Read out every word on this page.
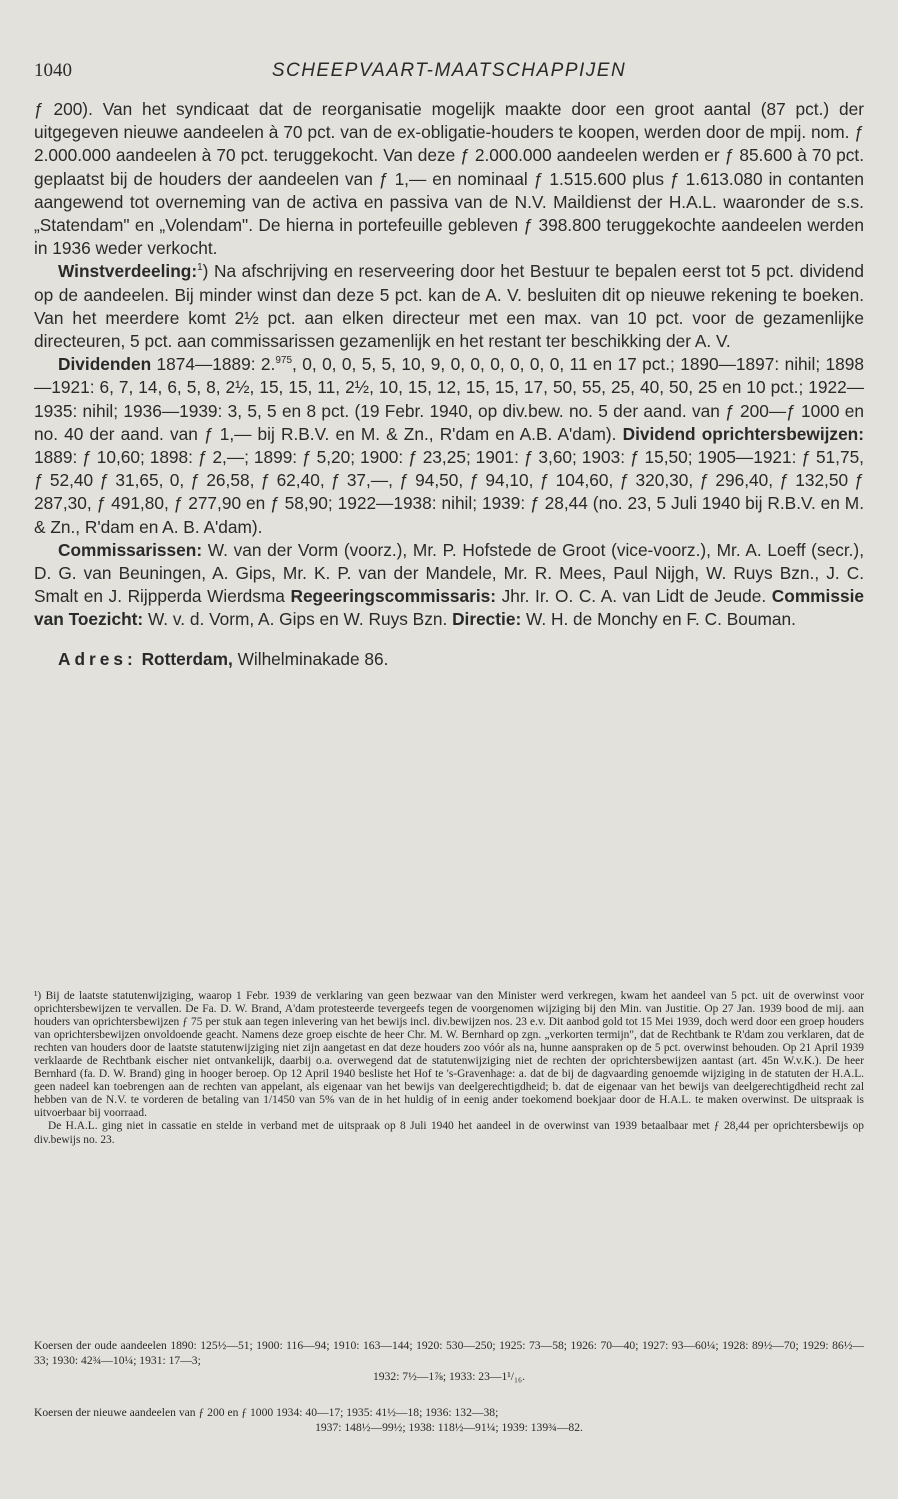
1040	SCHEEPVAART-MAATSCHAPPIJEN

ƒ 200). Van het syndicaat dat de reorganisatie mogelijk maakte door een groot aantal (87 pct.) der uitgegeven nieuwe aandeelen à 70 pct. van de ex-obligatie-houders te koopen, werden door de mpij. nom. ƒ 2.000.000 aandeelen à 70 pct. teruggekocht. Van deze ƒ 2.000.000 aandeelen werden er ƒ 85.600 à 70 pct. geplaatst bij de houders der aandeelen van ƒ 1,— en nominaal ƒ 1.515.600 plus ƒ 1.613.080 in contanten aangewend tot overneming van de activa en passiva van de N.V. Maildienst der H.A.L. waaronder de s.s. „Statendam" en „Volendam". De hierna in portefeuille gebleven ƒ 398.800 teruggekochte aandeelen werden in 1936 weder verkocht.

Winstverdeeling:$^1$) Na afschrijving en reserveering door het Bestuur te bepalen eerst tot 5 pct. dividend op de aandeelen. Bij minder winst dan deze 5 pct. kan de A. V. besluiten dit op nieuwe rekening te boeken. Van het meerdere komt 2½ pct. aan elken directeur met een max. van 10 pct. voor de gezamenlijke directeuren, 5 pct. aan commissarissen gezamenlijk en het restant ter beschikking der A. V.

Dividenden 1874—1889: 2.$^{975}$, 0, 0, 0, 5, 5, 10, 9, 0, 0, 0, 0, 0, 0, 11 en 17 pct.; 1890—1897: nihil; 1898—1921: 6, 7, 14, 6, 5, 8, 2½, 15, 15, 11, 2½, 10, 15, 12, 15, 15, 17, 50, 55, 25, 40, 50, 25 en 10 pct.; 1922—1935: nihil; 1936—1939: 3, 5, 5 en 8 pct. (19 Febr. 1940, op div.bew. no. 5 der aand. van ƒ 200—ƒ 1000 en no. 40 der aand. van ƒ 1,— bij R.B.V. en M. & Zn., R'dam en A.B. A'dam). Dividend oprichtersbewijzen: 1889: ƒ 10,60; 1898: ƒ 2,—; 1899: ƒ 5,20; 1900: ƒ 23,25; 1901: ƒ 3,60; 1903: ƒ 15,50; 1905—1921: ƒ 51,75, ƒ 52,40 ƒ 31,65, 0, ƒ 26,58, ƒ 62,40, ƒ 37,—, ƒ 94,50, ƒ 94,10, ƒ 104,60, ƒ 320,30, ƒ 296,40, ƒ 132,50 ƒ 287,30, ƒ 491,80, ƒ 277,90 en ƒ 58,90; 1922—1938: nihil; 1939: ƒ 28,44 (no. 23, 5 Juli 1940 bij R.B.V. en M. & Zn., R'dam en A. B. A'dam).

Commissarissen: W. van der Vorm (voorz.), Mr. P. Hofstede de Groot (vice-voorz.), Mr. A. Loeff (secr.), D. G. van Beuningen, A. Gips, Mr. K. P. van der Mandele, Mr. R. Mees, Paul Nijgh, W. Ruys Bzn., J. C. Smalt en J. Rijpperda Wierdsma Regeeringscommissaris: Jhr. Ir. O. C. A. van Lidt de Jeude. Commissie van Toezicht: W. v. d. Vorm, A. Gips en W. Ruys Bzn. Directie: W. H. de Monchy en F. C. Bouman.

Adres: Rotterdam, Wilhelminakade 86.

¹) Bij de laatste statutenwijziging, waarop 1 Febr. 1939 de verklaring van geen bezwaar van den Minister werd verkregen, kwam het aandeel van 5 pct. uit de overwinst voor oprichtersbewijzen te vervallen. De Fa. D. W. Brand, A'dam protesteerde tevergeefs tegen de voorgenomen wijziging bij den Min. van Justitie. Op 27 Jan. 1939 bood de mij. aan houders van oprichtersbewijzen ƒ 75 per stuk aan tegen inlevering van het bewijs incl. div.bewijzen nos. 23 e.v. Dit aanbod gold tot 15 Mei 1939, doch werd door een groep houders van oprichtersbewijzen onvoldoende geacht. Namens deze groep eischte de heer Chr. M. W. Bernhard op zgn. „verkorten termijn", dat de Rechtbank te R'dam zou verklaren, dat de rechten van houders door de laatste statutenwijziging niet zijn aangetast en dat deze houders zoo vóór als na, hunne aanspraken op de 5 pct. overwinst behouden. Op 21 April 1939 verklaarde de Rechtbank eischer niet ontvankelijk, daarbij o.a. overwegend dat de statutenwijziging niet de rechten der oprichtersbewijzen aantast (art. 45n W.v.K.). De heer Bernhard (fa. D. W. Brand) ging in hooger beroep. Op 12 April 1940 besliste het Hof te 's-Gravenhage: a. dat de bij de dagvaarding genoemde wijziging in de statuten der H.A.L. geen nadeel kan toebrengen aan de rechten van appelant, als eigenaar van het bewijs van deelgerechtigdheid; b. dat de eigenaar van het bewijs van deelgerechtigdheid recht zal hebben van de N.V. te vorderen de betaling van 1/1450 van 5% van de in het huldig of in eenig ander toekomend boekjaar door de H.A.L. te maken overwinst. De uitspraak is uitvoerbaar bij voorraad.

De H.A.L. ging niet in cassatie en stelde in verband met de uitspraak op 8 Juli 1940 het aandeel in de overwinst van 1939 betaalbaar met ƒ 28,44 per oprichtersbewijs op div.bewijs no. 23.

Koersen der oude aandeelen 1890: 125½—51; 1900: 116—94; 1910: 163—144; 1920: 530—250; 1925: 73—58; 1926: 70—40; 1927: 93—60¼; 1928: 89½—70; 1929: 86½—33; 1930: 42¾—10¼; 1931: 17—3;
1932: 7½—1⅞; 1933: 23—1¹/₁₆.
Koersen der nieuwe aandeelen van ƒ 200 en ƒ 1000 1934: 40—17; 1935: 41½—18; 1936: 132—38;
1937: 148½—99½; 1938: 118½—91¼; 1939: 139¾—82.
